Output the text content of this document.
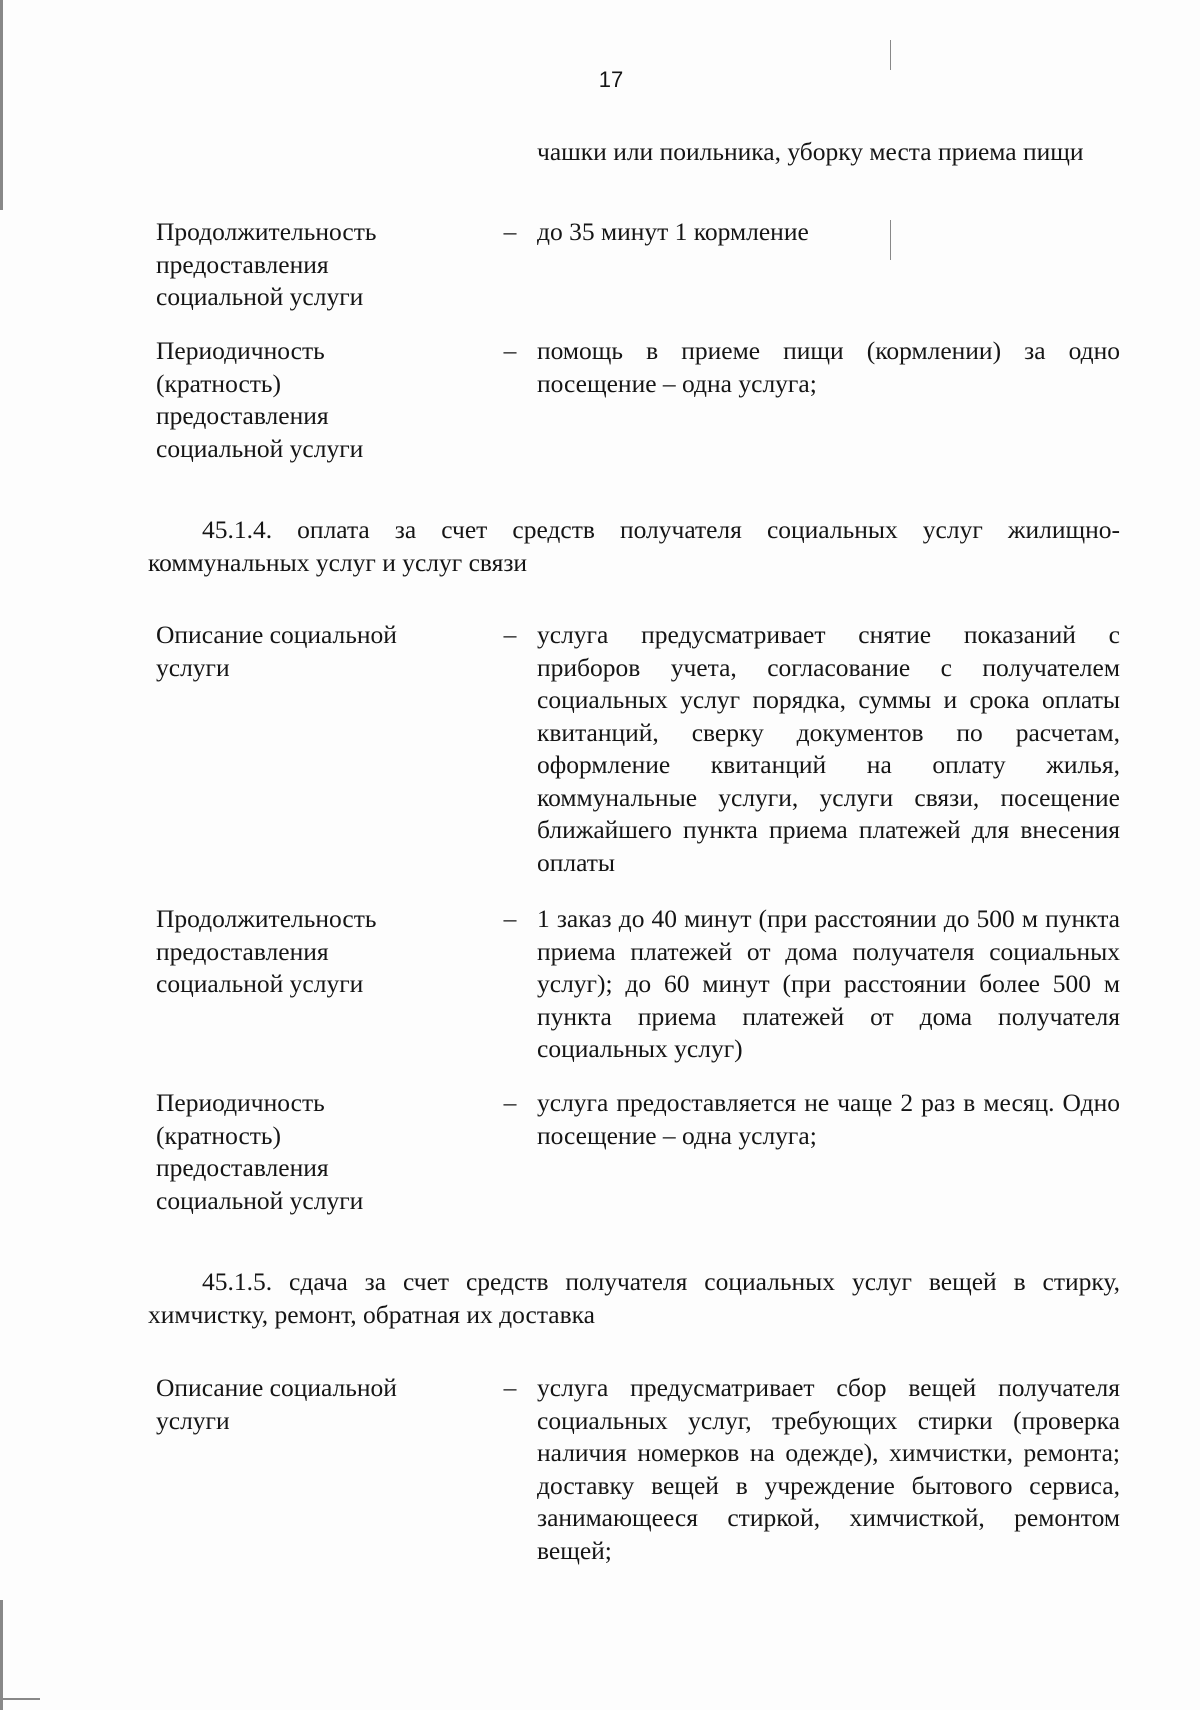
17
чашки или поильника, уборку места приема пищи
Продолжительность
предоставления
социальной услуги
– до 35 минут 1 кормление
Периодичность
(кратность)
предоставления
социальной услуги
– помощь в приеме пищи (кормлении) за одно посещение – одна услуга;
45.1.4. оплата за счет средств получателя социальных услуг жилищно-коммунальных услуг и услуг связи
Описание социальной
услуги
– услуга предусматривает снятие показаний с приборов учета, согласование с получателем социальных услуг порядка, суммы и срока оплаты квитанций, сверку документов по расчетам, оформление квитанций на оплату жилья, коммунальные услуги, услуги связи, посещение ближайшего пункта приема платежей для внесения оплаты
Продолжительность
предоставления
социальной услуги
– 1 заказ до 40 минут (при расстоянии до 500 м пункта приема платежей от дома получателя социальных услуг); до 60 минут (при расстоянии более 500 м пункта приема платежей от дома получателя социальных услуг)
Периодичность
(кратность)
предоставления
социальной услуги
– услуга предоставляется не чаще 2 раз в месяц. Одно посещение – одна услуга;
45.1.5. сдача за счет средств получателя социальных услуг вещей в стирку, химчистку, ремонт, обратная их доставка
Описание социальной
услуги
– услуга предусматривает сбор вещей получателя социальных услуг, требующих стирки (проверка наличия номерков на одежде), химчистки, ремонта; доставку вещей в учреждение бытового сервиса, занимающееся стиркой, химчисткой, ремонтом вещей;
